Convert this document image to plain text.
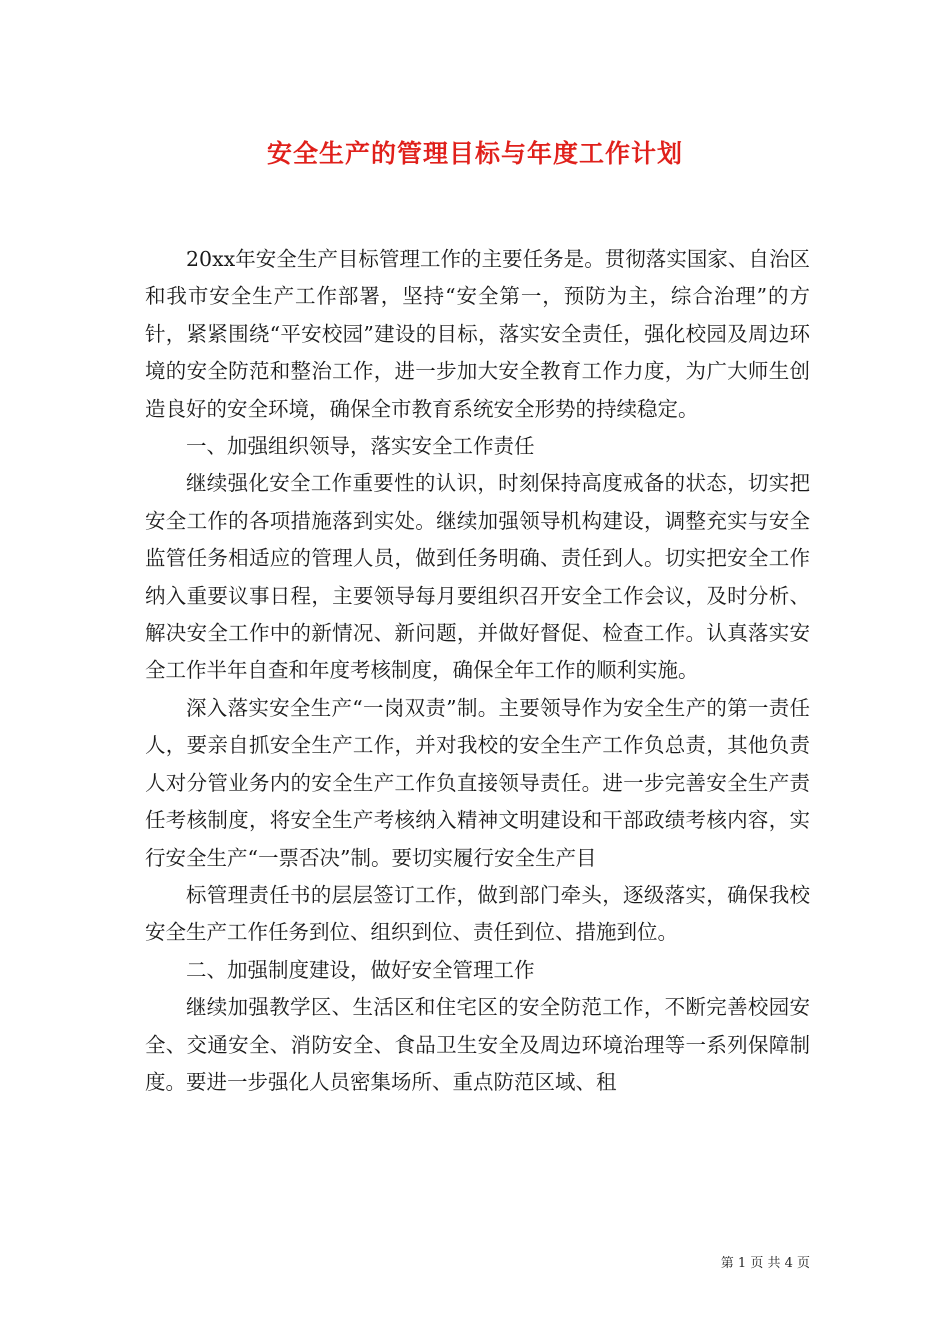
安全生产的管理目标与年度工作计划

20xx年安全生产目标管理工作的主要任务是。贯彻落实国家、自治区和我市安全生产工作部署，坚持“安全第一，预防为主，综合治理”的方针，紧紧围绕“平安校园”建设的目标，落实安全责任，强化校园及周边环境的安全防范和整治工作，进一步加大安全教育工作力度，为广大师生创造良好的安全环境，确保全市教育系统安全形势的持续稳定。

一、加强组织领导，落实安全工作责任

继续强化安全工作重要性的认识，时刻保持高度戒备的状态，切实把安全工作的各项措施落到实处。继续加强领导机构建设，调整充实与安全监管任务相适应的管理人员，做到任务明确、责任到人。切实把安全工作纳入重要议事日程，主要领导每月要组织召开安全工作会议，及时分析、解决安全工作中的新情况、新问题，并做好督促、检查工作。认真落实安全工作半年自查和年度考核制度，确保全年工作的顺利实施。

深入落实安全生产“一岗双责”制。主要领导作为安全生产的第一责任人，要亲自抓安全生产工作，并对我校的安全生产工作负总责，其他负责人对分管业务内的安全生产工作负直接领导责任。进一步完善安全生产责任考核制度，将安全生产考核纳入精神文明建设和干部政绩考核内容，实行安全生产“一票否决”制。要切实履行安全生产目

标管理责任书的层层签订工作，做到部门牵头，逐级落实，确保我校安全生产工作任务到位、组织到位、责任到位、措施到位。

二、加强制度建设，做好安全管理工作

继续加强教学区、生活区和住宅区的安全防范工作，不断完善校园安全、交通安全、消防安全、食品卫生安全及周边环境治理等一系列保障制度。要进一步强化人员密集场所、重点防范区域、租

第 1 页 共 4 页
